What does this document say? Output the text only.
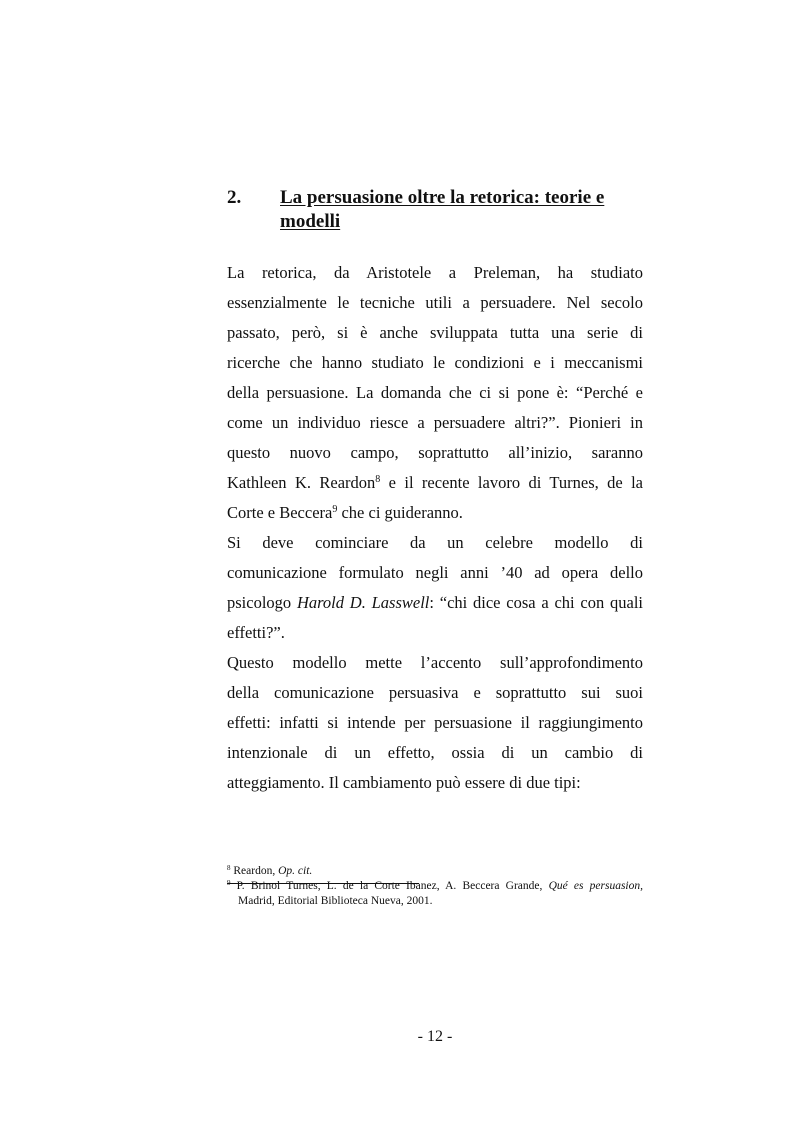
2. La persuasione oltre la retorica: teorie e
modelli
La retorica, da Aristotele a Preleman, ha studiato
essenzialmente le tecniche utili a persuadere. Nel secolo
passato, però, si è anche sviluppata tutta una serie di
ricerche che hanno studiato le condizioni e i meccanismi
della persuasione. La domanda che ci si pone è: “Perché e
come un individuo riesce a persuadere altri?”. Pionieri in
questo nuovo campo, soprattutto all’inizio, saranno
Kathleen K. Reardon$^8$ e il recente lavoro di Turnes, de la
Corte e Beccera$^9$ che ci guideranno.
Si deve cominciare da un celebre modello di
comunicazione formulato negli anni ’40 ad opera dello
psicologo Harold D. Lasswell: “chi dice cosa a chi con quali
effetti?”.
Questo modello mette l’accento sull’approfondimento
della comunicazione persuasiva e soprattutto sui suoi
effetti: infatti si intende per persuasione il raggiungimento
intenzionale di un effetto, ossia di un cambio di
atteggiamento. Il cambiamento può essere di due tipi:
$^8$ Reardon, Op. cit.
$^9$ P. Brinol Turnes, L. de la Corte Ibanez, A. Beccera Grande, Qué es persuasion,
Madrid, Editorial Biblioteca Nueva, 2001.
- 12 -
